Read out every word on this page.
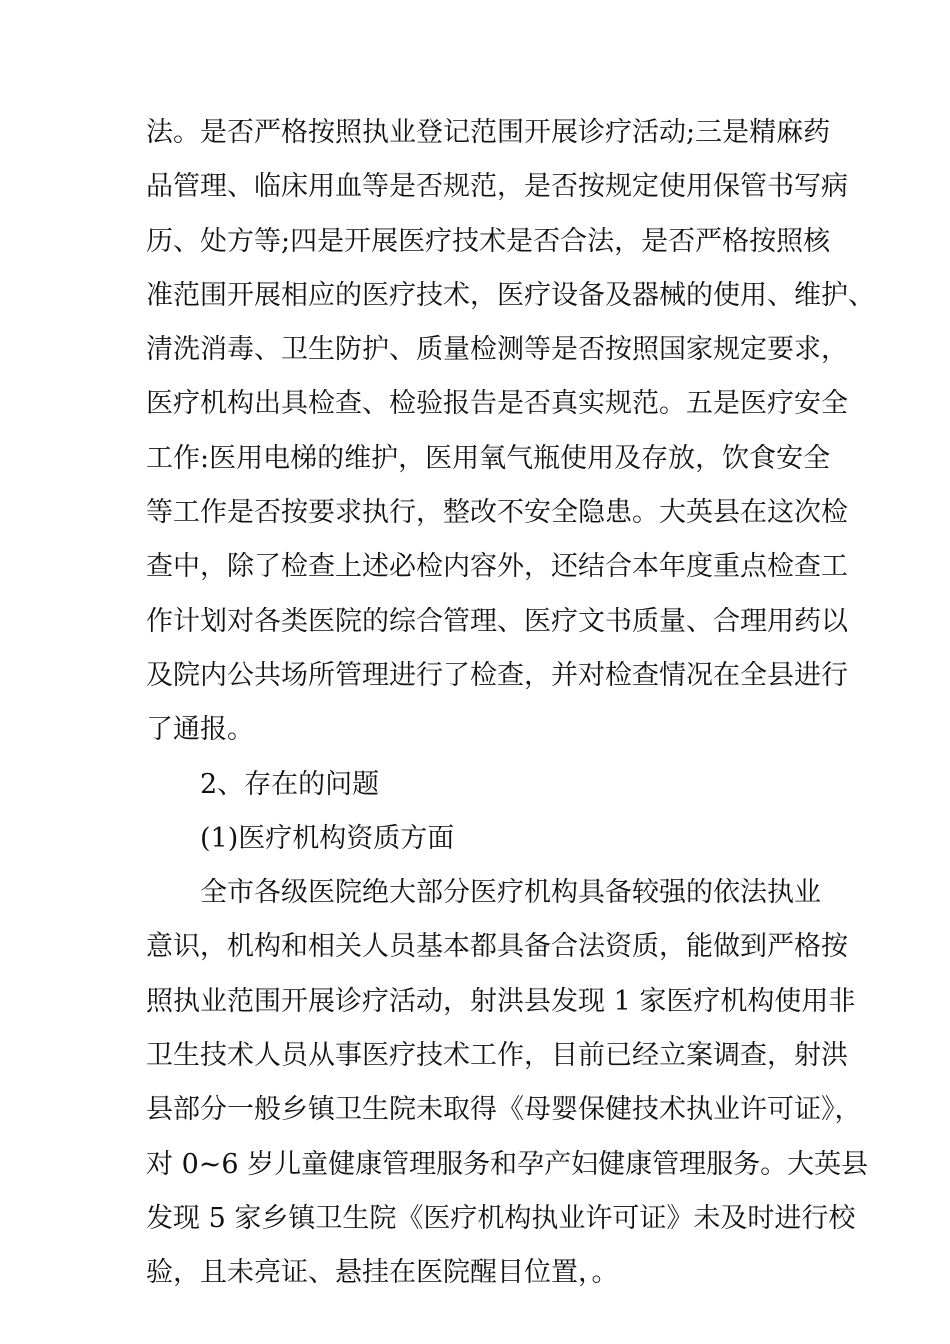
法。是否严格按照执业登记范围开展诊疗活动;三是精麻药
品管理、临床用血等是否规范，是否按规定使用保管书写病
历、处方等;四是开展医疗技术是否合法，是否严格按照核
准范围开展相应的医疗技术，医疗设备及器械的使用、维护、
清洗消毒、卫生防护、质量检测等是否按照国家规定要求，
医疗机构出具检查、检验报告是否真实规范。五是医疗安全
工作:医用电梯的维护，医用氧气瓶使用及存放，饮食安全
等工作是否按要求执行，整改不安全隐患。大英县在这次检
查中，除了检查上述必检内容外，还结合本年度重点检查工
作计划对各类医院的综合管理、医疗文书质量、合理用药以
及院内公共场所管理进行了检查，并对检查情况在全县进行
了通报。
2、存在的问题
(1)医疗机构资质方面
全市各级医院绝大部分医疗机构具备较强的依法执业
意识，机构和相关人员基本都具备合法资质，能做到严格按
照执业范围开展诊疗活动，射洪县发现 1 家医疗机构使用非
卫生技术人员从事医疗技术工作，目前已经立案调查，射洪
县部分一般乡镇卫生院未取得《母婴保健技术执业许可证》，
对 0~6 岁儿童健康管理服务和孕产妇健康管理服务。大英县
发现 5 家乡镇卫生院《医疗机构执业许可证》未及时进行校
验，且未亮证、悬挂在医院醒目位置，。
